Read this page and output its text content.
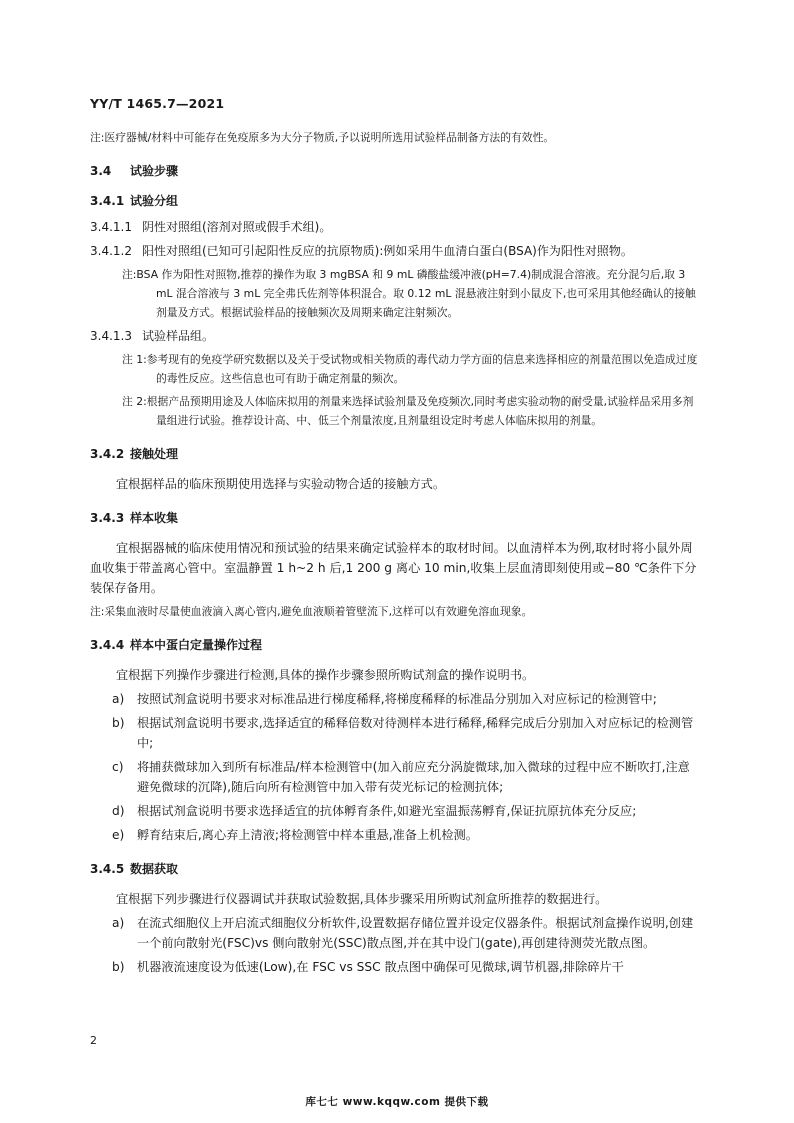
YY/T 1465.7—2021
注:医疗器械/材料中可能存在免疫原多为大分子物质,予以说明所选用试验样品制备方法的有效性。
3.4 试验步骤
3.4.1 试验分组
3.4.1.1 阴性对照组(溶剂对照或假手术组)。
3.4.1.2 阳性对照组(已知可引起阳性反应的抗原物质):例如采用牛血清白蛋白(BSA)作为阳性对照物。
注:BSA 作为阳性对照物,推荐的操作为取 3 mgBSA 和 9 mL 磷酸盐缓冲液(pH=7.4)制成混合溶液。充分混匀后,取 3 mL 混合溶液与 3 mL 完全弗氏佐剂等体积混合。取 0.12 mL 混悬液注射到小鼠皮下,也可采用其他经确认的接触剂量及方式。根据试验样品的接触频次及周期来确定注射频次。
3.4.1.3 试验样品组。
注 1:参考现有的免疫学研究数据以及关于受试物或相关物质的毒代动力学方面的信息来选择相应的剂量范围以免造成过度的毒性反应。这些信息也可有助于确定剂量的频次。
注 2:根据产品预期用途及人体临床拟用的剂量来选择试验剂量及免疫频次,同时考虑实验动物的耐受量,试验样品采用多剂量组进行试验。推荐设计高、中、低三个剂量浓度,且剂量组设定时考虑人体临床拟用的剂量。
3.4.2 接触处理
宜根据样品的临床预期使用选择与实验动物合适的接触方式。
3.4.3 样本收集
宜根据器械的临床使用情况和预试验的结果来确定试验样本的取材时间。以血清样本为例,取材时将小鼠外周血收集于带盖离心管中。室温静置 1 h~2 h 后,1 200 g 离心 10 min,收集上层血清即刻使用或−80 ℃条件下分装保存备用。
注:采集血液时尽量使血液滴入离心管内,避免血液顺着管壁流下,这样可以有效避免溶血现象。
3.4.4 样本中蛋白定量操作过程
宜根据下列操作步骤进行检测,具体的操作步骤参照所购试剂盒的操作说明书。
a) 按照试剂盒说明书要求对标准品进行梯度稀释,将梯度稀释的标准品分别加入对应标记的检测管中;
b) 根据试剂盒说明书要求,选择适宜的稀释倍数对待测样本进行稀释,稀释完成后分别加入对应标记的检测管中;
c) 将捕获微球加入到所有标准品/样本检测管中(加入前应充分涡旋微球,加入微球的过程中应不断吹打,注意避免微球的沉降),随后向所有检测管中加入带有荧光标记的检测抗体;
d) 根据试剂盒说明书要求选择适宜的抗体孵育条件,如避光室温振荡孵育,保证抗原抗体充分反应;
e) 孵育结束后,离心弃上清液;将检测管中样本重悬,准备上机检测。
3.4.5 数据获取
宜根据下列步骤进行仪器调试并获取试验数据,具体步骤采用所购试剂盒所推荐的数据进行。
a) 在流式细胞仪上开启流式细胞仪分析软件,设置数据存储位置并设定仪器条件。根据试剂盒操作说明,创建一个前向散射光(FSC)vs 侧向散射光(SSC)散点图,并在其中设门(gate),再创建待测荧光散点图。
b) 机器液流速度设为低速(Low),在 FSC vs SSC 散点图中确保可见微球,调节机器,排除碎片干
2
库七七 www.kqqw.com 提供下载
